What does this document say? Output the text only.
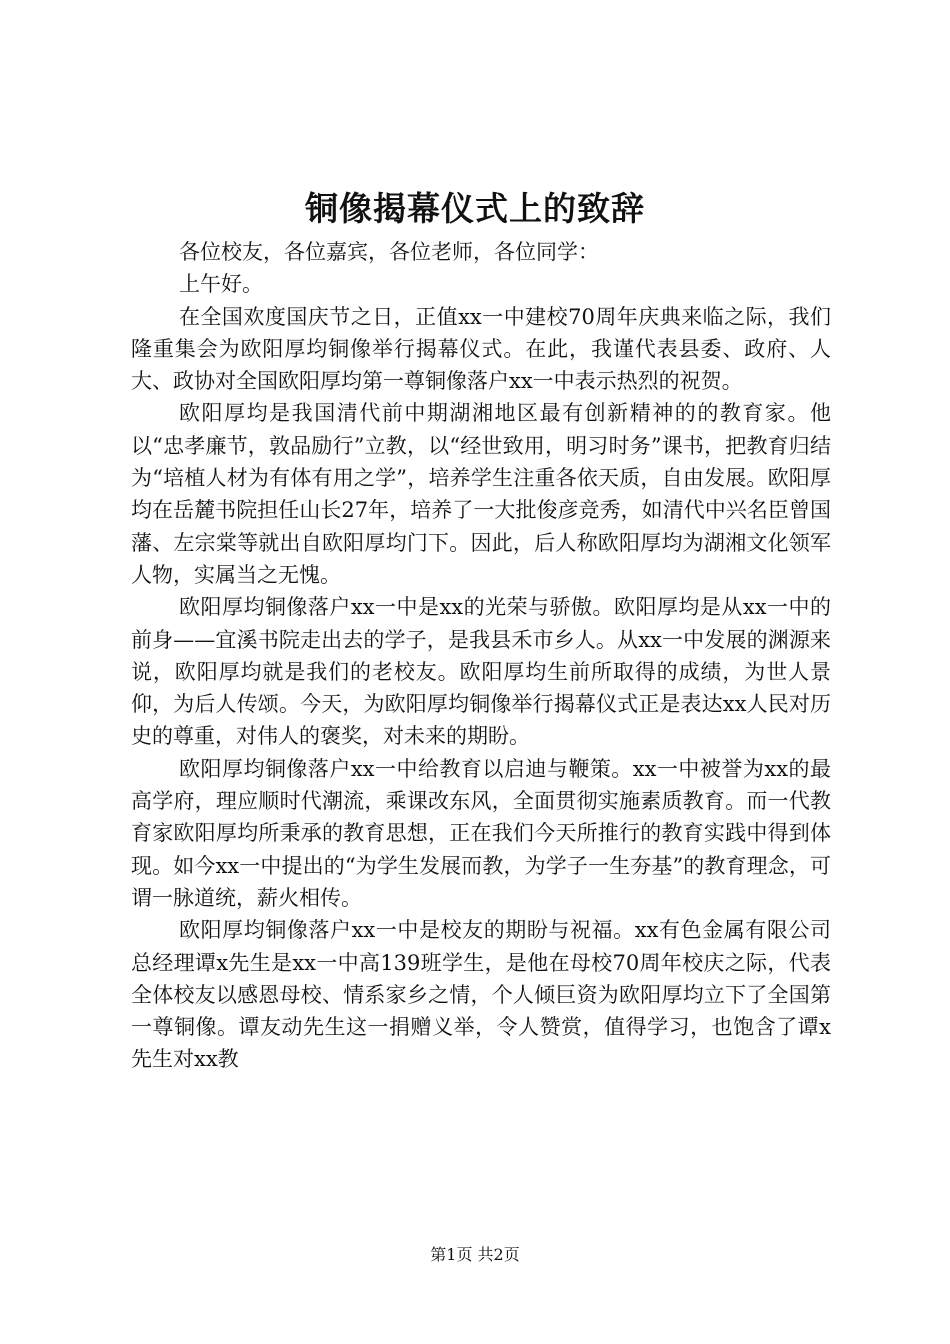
铜像揭幕仪式上的致辞

各位校友，各位嘉宾，各位老师，各位同学：

上午好。

在全国欢度国庆节之日，正值xx一中建校70周年庆典来临之际，我们隆重集会为欧阳厚均铜像举行揭幕仪式。在此，我谨代表县委、政府、人大、政协对全国欧阳厚均第一尊铜像落户xx一中表示热烈的祝贺。

欧阳厚均是我国清代前中期湖湘地区最有创新精神的的教育家。他以“忠孝廉节，敦品励行”立教，以“经世致用，明习时务”课书，把教育归结为“培植人材为有体有用之学”，培养学生注重各依天质，自由发展。欧阳厚均在岳麓书院担任山长27年，培养了一大批俊彦竞秀，如清代中兴名臣曾国藩、左宗棠等就出自欧阳厚均门下。因此，后人称欧阳厚均为湖湘文化领军人物，实属当之无愧。

欧阳厚均铜像落户xx一中是xx的光荣与骄傲。欧阳厚均是从xx一中的前身——宜溪书院走出去的学子，是我县禾市乡人。从xx一中发展的渊源来说，欧阳厚均就是我们的老校友。欧阳厚均生前所取得的成绩，为世人景仰，为后人传颂。今天，为欧阳厚均铜像举行揭幕仪式正是表达xx人民对历史的尊重，对伟人的褒奖，对未来的期盼。

欧阳厚均铜像落户xx一中给教育以启迪与鞭策。xx一中被誉为xx的最高学府，理应顺时代潮流，乘课改东风，全面贯彻实施素质教育。而一代教育家欧阳厚均所秉承的教育思想，正在我们今天所推行的教育实践中得到体现。如今xx一中提出的“为学生发展而教，为学子一生夯基”的教育理念，可谓一脉道统，薪火相传。

欧阳厚均铜像落户xx一中是校友的期盼与祝福。xx有色金属有限公司总经理谭x先生是xx一中高139班学生，是他在母校70周年校庆之际，代表全体校友以感恩母校、情系家乡之情，个人倾巨资为欧阳厚均立下了全国第一尊铜像。谭友动先生这一捐赠义举，令人赞赏，值得学习，也饱含了谭x先生对xx教

第1页 共2页
